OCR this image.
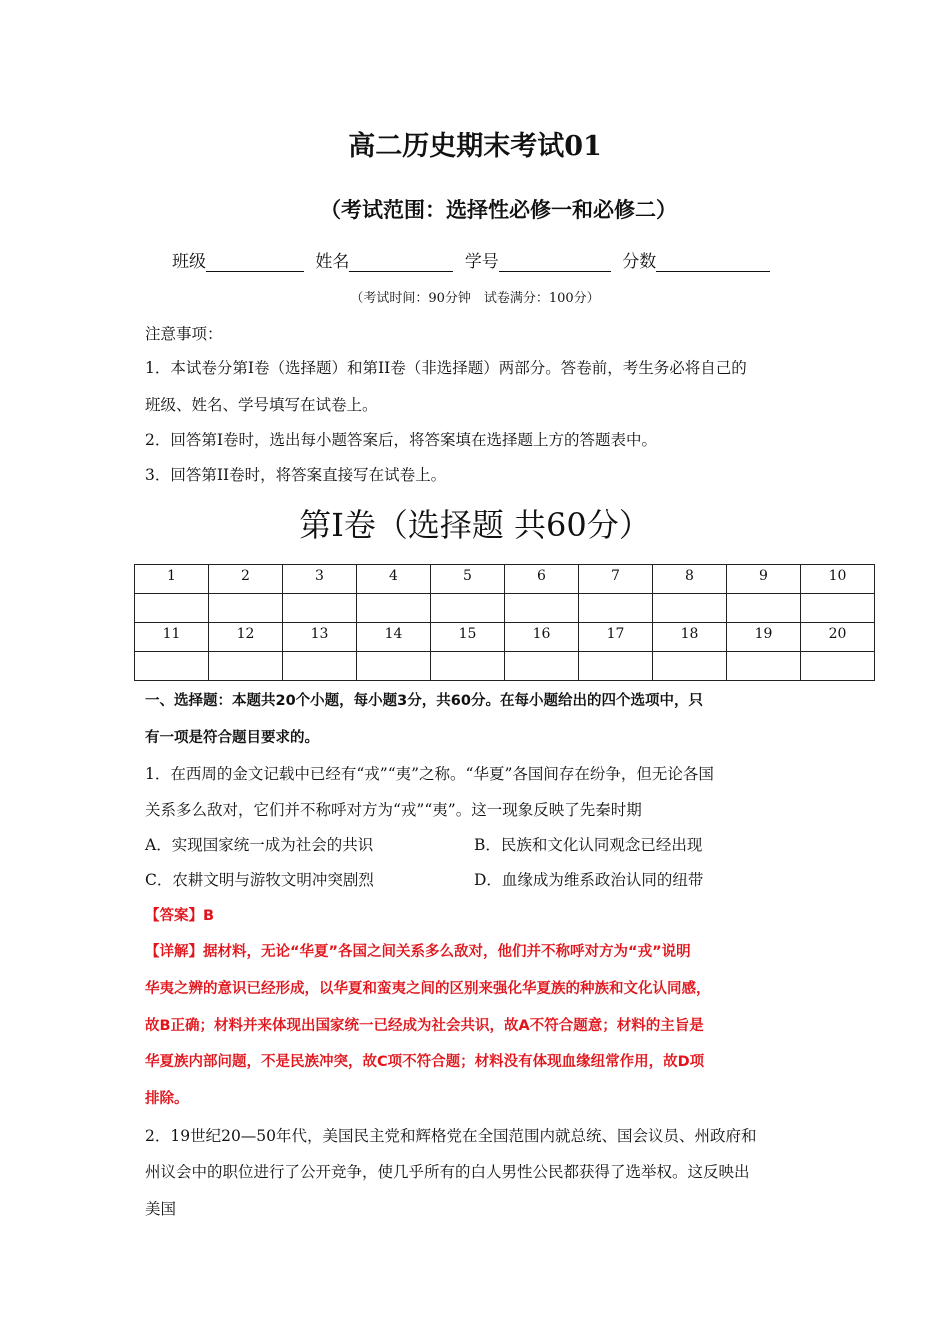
高二历史期末考试01
（考试范围：选择性必修一和必修二）
班级	姓名	学号	分数
（考试时间：90分钟　试卷满分：100分）
注意事项：
1．本试卷分第I卷（选择题）和第II卷（非选择题）两部分。答卷前，考生务必将自己的
班级、姓名、学号填写在试卷上。
2．回答第I卷时，选出每小题答案后，将答案填在选择题上方的答题表中。
3．回答第II卷时，将答案直接写在试卷上。
第Ⅰ卷（选择题 共60分）
1	2	3	4	5	6	7	8	9	10

11	12	13	14	15	16	17	18	19	20

一、选择题：本题共20个小题，每小题3分，共60分。在每小题给出的四个选项中，只
有一项是符合题目要求的。
1．在西周的金文记载中已经有“戎”“夷”之称。“华夏”各国间存在纷争，但无论各国
关系多么敌对，它们并不称呼对方为“戎”“夷”。这一现象反映了先秦时期
A．实现国家统一成为社会的共识	B．民族和文化认同观念已经出现
C．农耕文明与游牧文明冲突剧烈	D．血缘成为维系政治认同的纽带
【答案】B
【详解】据材料，无论“华夏”各国之间关系多么敌对，他们并不称呼对方为“戎”说明
华夷之辨的意识已经形成，以华夏和蛮夷之间的区别来强化华夏族的种族和文化认同感，
故B正确；材料并来体现出国家统一已经成为社会共识，故A不符合题意；材料的主旨是
华夏族内部问题，不是民族冲突，故C项不符合题；材料没有体现血缘纽常作用，故D项
排除。
2．19世纪20—50年代，美国民主党和辉格党在全国范围内就总统、国会议员、州政府和
州议会中的职位进行了公开竞争，使几乎所有的白人男性公民都获得了选举权。这反映出
美国
